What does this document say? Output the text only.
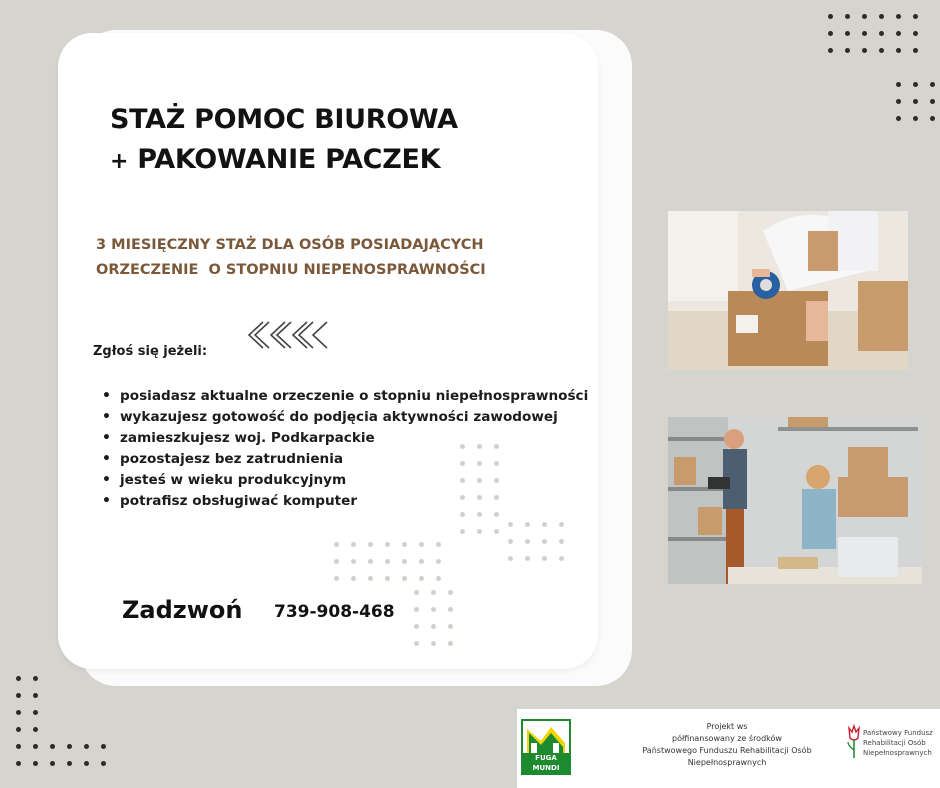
STAŻ POMOC BIUROWA
+ PAKOWANIE PACZEK
3 MIESIĘCZNY STAŻ DLA OSÓB POSIADAJĄCYCH
ORZECZENIE  O STOPNIU NIEPENOSPRAWNOŚCI
Zgłoś się jeżeli:
• posiadasz aktualne orzeczenie o stopniu niepełnosprawności
• wykazujesz gotowość do podjęcia aktywności zawodowej
• zamieszkujesz woj. Podkarpackie
• pozostajesz bez zatrudnienia
• jesteś w wieku produkcyjnym
• potrafisz obsługiwać komputer
Zadzwoń 739-908-468
FUGA MUNDI
Projekt ws
półfinansowany ze środków
Państwowego Funduszu Rehabilitacji Osób
Niepełnosprawnych
Państwowy Fundusz
Rehabilitacji Osób
Niepełnosprawnych
